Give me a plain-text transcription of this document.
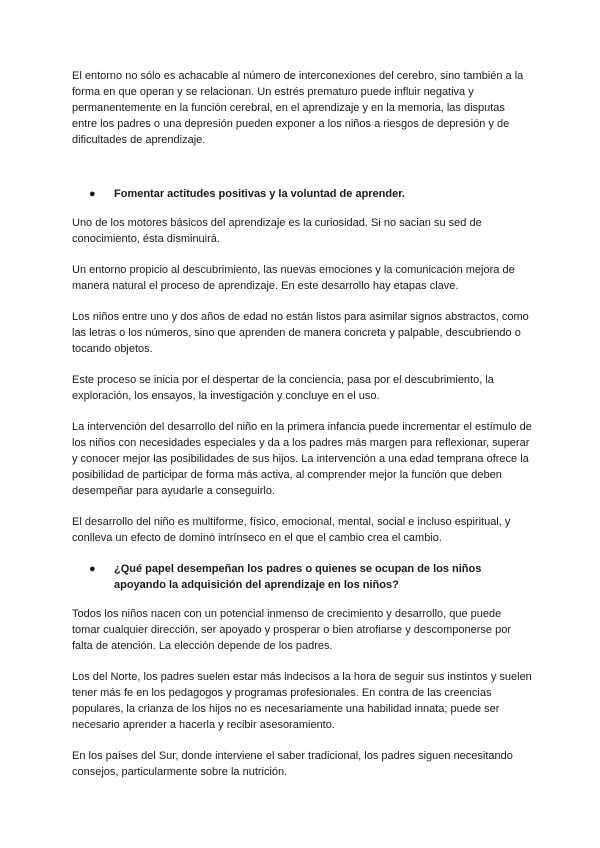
El entorno no sólo es achacable al número de interconexiones del cerebro, sino también a la forma en que operan y se relacionan. Un estrés prematuro puede influir negativa y permanentemente en la función cerebral, en el aprendizaje y en la memoria, las disputas entre los padres o una depresión pueden exponer a los niños a riesgos de depresión y de dificultades de aprendizaje.

●	Fomentar actitudes positivas y la voluntad de aprender.

Uno de los motores básicos del aprendizaje es la curiosidad. Si no sacian su sed de conocimiento, ésta disminuirá.

Un entorno propicio al descubrimiento, las nuevas emociones y la comunicación mejora de manera natural el proceso de aprendizaje. En este desarrollo hay etapas clave.

Los niños entre uno y dos años de edad no están listos para asimilar signos abstractos, como las letras o los números, sino que aprenden de manera concreta y palpable, descubriendo o tocando objetos.

Este proceso se inicia por el despertar de la conciencia, pasa por el descubrimiento, la exploración, los ensayos, la investigación y concluye en el uso.

La intervención del desarrollo del niño en la primera infancia puede incrementar el estímulo de los niños con necesidades especiales y da a los padres más margen para reflexionar, superar y conocer mejor las posibilidades de sus hijos. La intervención a una edad temprana ofrece la posibilidad de participar de forma más activa, al comprender mejor la función que deben desempeñar para ayudarle a conseguirlo.

El desarrollo del niño es multiforme, físico, emocional, mental, social e incluso espiritual, y conlleva un efecto de dominó intrínseco en el que el cambio crea el cambio.

●	¿Qué papel desempeñan los padres o quienes se ocupan de los niños apoyando la adquisición del aprendizaje en los niños?

Todos los niños nacen con un potencial inmenso de crecimiento y desarrollo, que puede tomar cualquier dirección, ser apoyado y prosperar o bien atrofiarse y descomponerse por falta de atención. La elección depende de los padres.

Los del Norte, los padres suelen estar más indecisos a la hora de seguir sus instintos y suelen tener más fe en los pedagogos y programas profesionales. En contra de las creencias populares, la crianza de los hijos no es necesariamente una habilidad innata; puede ser necesario aprender a hacerla y recibir asesoramiento.

En los países del Sur, donde interviene el saber tradicional, los padres siguen necesitando consejos, particularmente sobre la nutrición.
